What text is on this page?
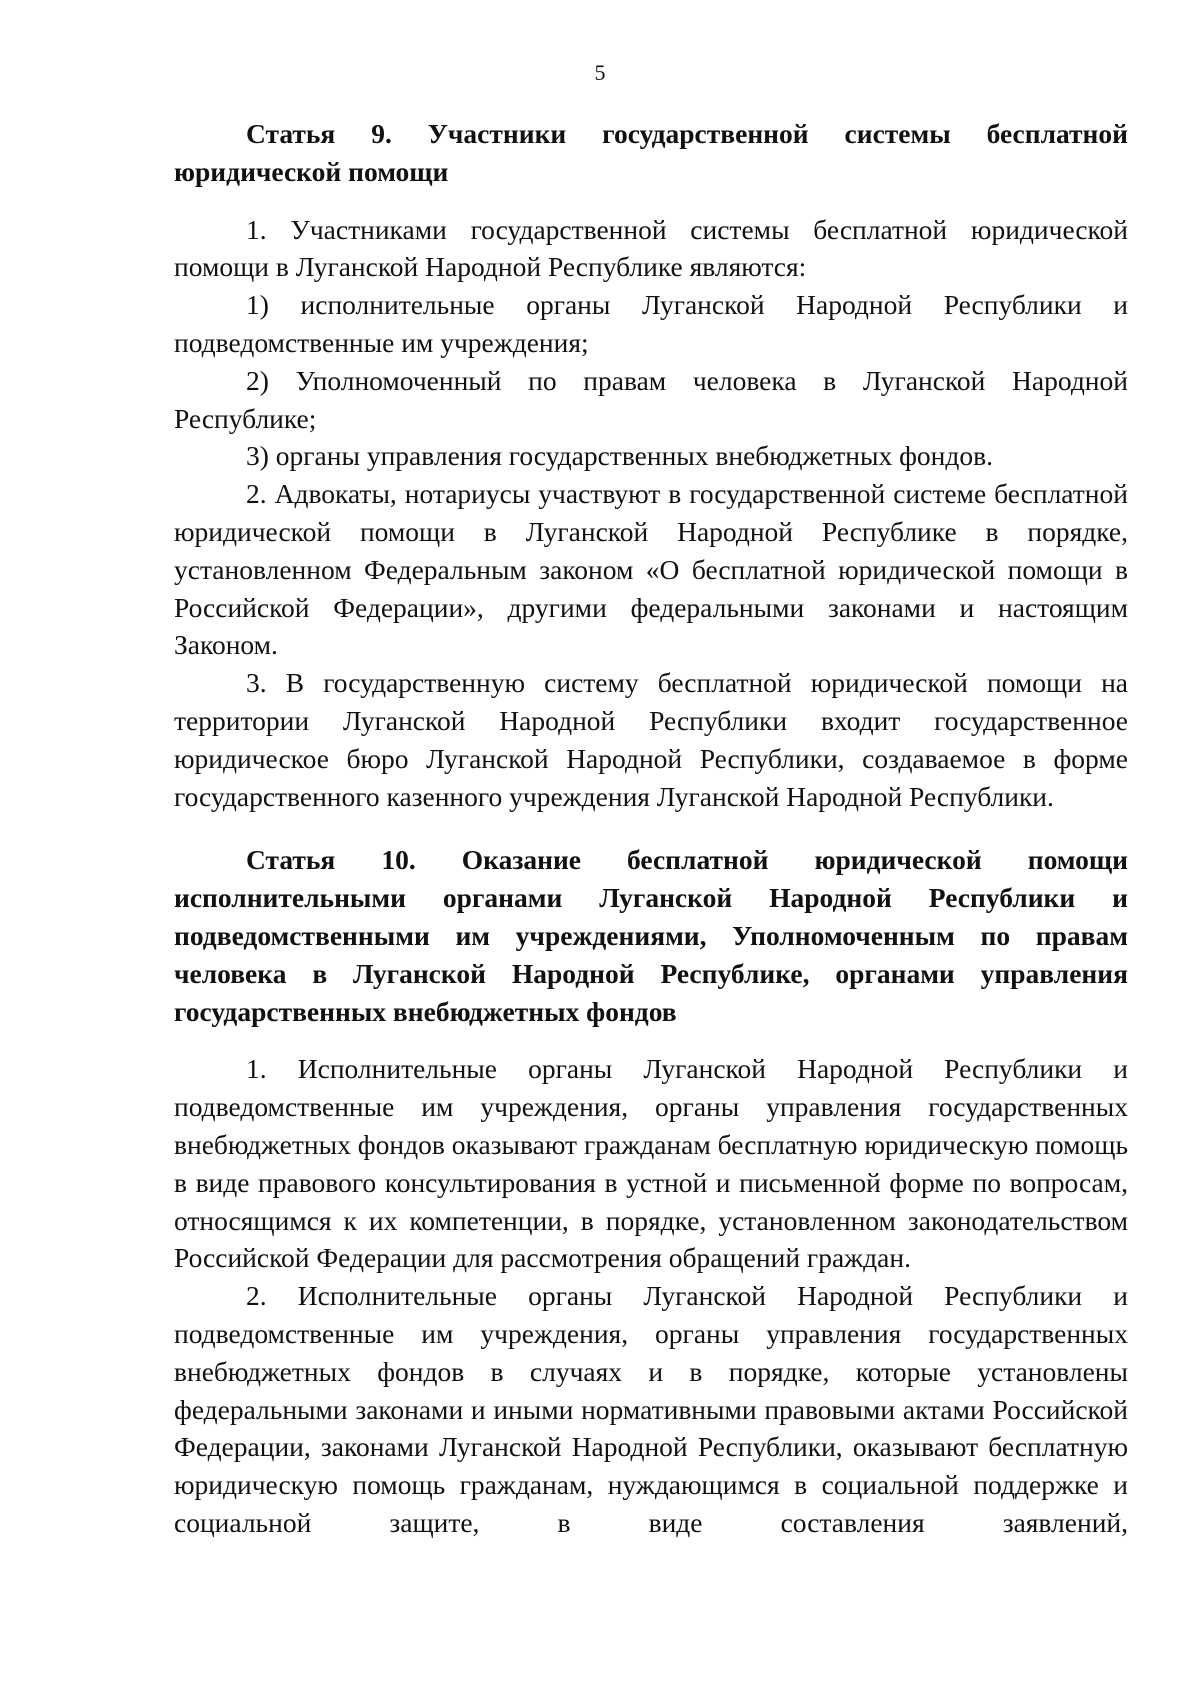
5

Статья 9. Участники государственной системы бесплатной юридической помощи

1. Участниками государственной системы бесплатной юридической помощи в Луганской Народной Республике являются:

1) исполнительные органы Луганской Народной Республики и подведомственные им учреждения;

2) Уполномоченный по правам человека в Луганской Народной Республике;

3) органы управления государственных внебюджетных фондов.

2. Адвокаты, нотариусы участвуют в государственной системе бесплатной юридической помощи в Луганской Народной Республике в порядке, установленном Федеральным законом «О бесплатной юридической помощи в Российской Федерации», другими федеральными законами и настоящим Законом.

3. В государственную систему бесплатной юридической помощи на территории Луганской Народной Республики входит государственное юридическое бюро Луганской Народной Республики, создаваемое в форме государственного казенного учреждения Луганской Народной Республики.

Статья 10. Оказание бесплатной юридической помощи исполнительными органами Луганской Народной Республики и подведомственными им учреждениями, Уполномоченным по правам человека в Луганской Народной Республике, органами управления государственных внебюджетных фондов

1. Исполнительные органы Луганской Народной Республики и подведомственные им учреждения, органы управления государственных внебюджетных фондов оказывают гражданам бесплатную юридическую помощь в виде правового консультирования в устной и письменной форме по вопросам, относящимся к их компетенции, в порядке, установленном законодательством Российской Федерации для рассмотрения обращений граждан.

2. Исполнительные органы Луганской Народной Республики и подведомственные им учреждения, органы управления государственных внебюджетных фондов в случаях и в порядке, которые установлены федеральными законами и иными нормативными правовыми актами Российской Федерации, законами Луганской Народной Республики, оказывают бесплатную юридическую помощь гражданам, нуждающимся в социальной поддержке и социальной защите, в виде составления заявлений,
